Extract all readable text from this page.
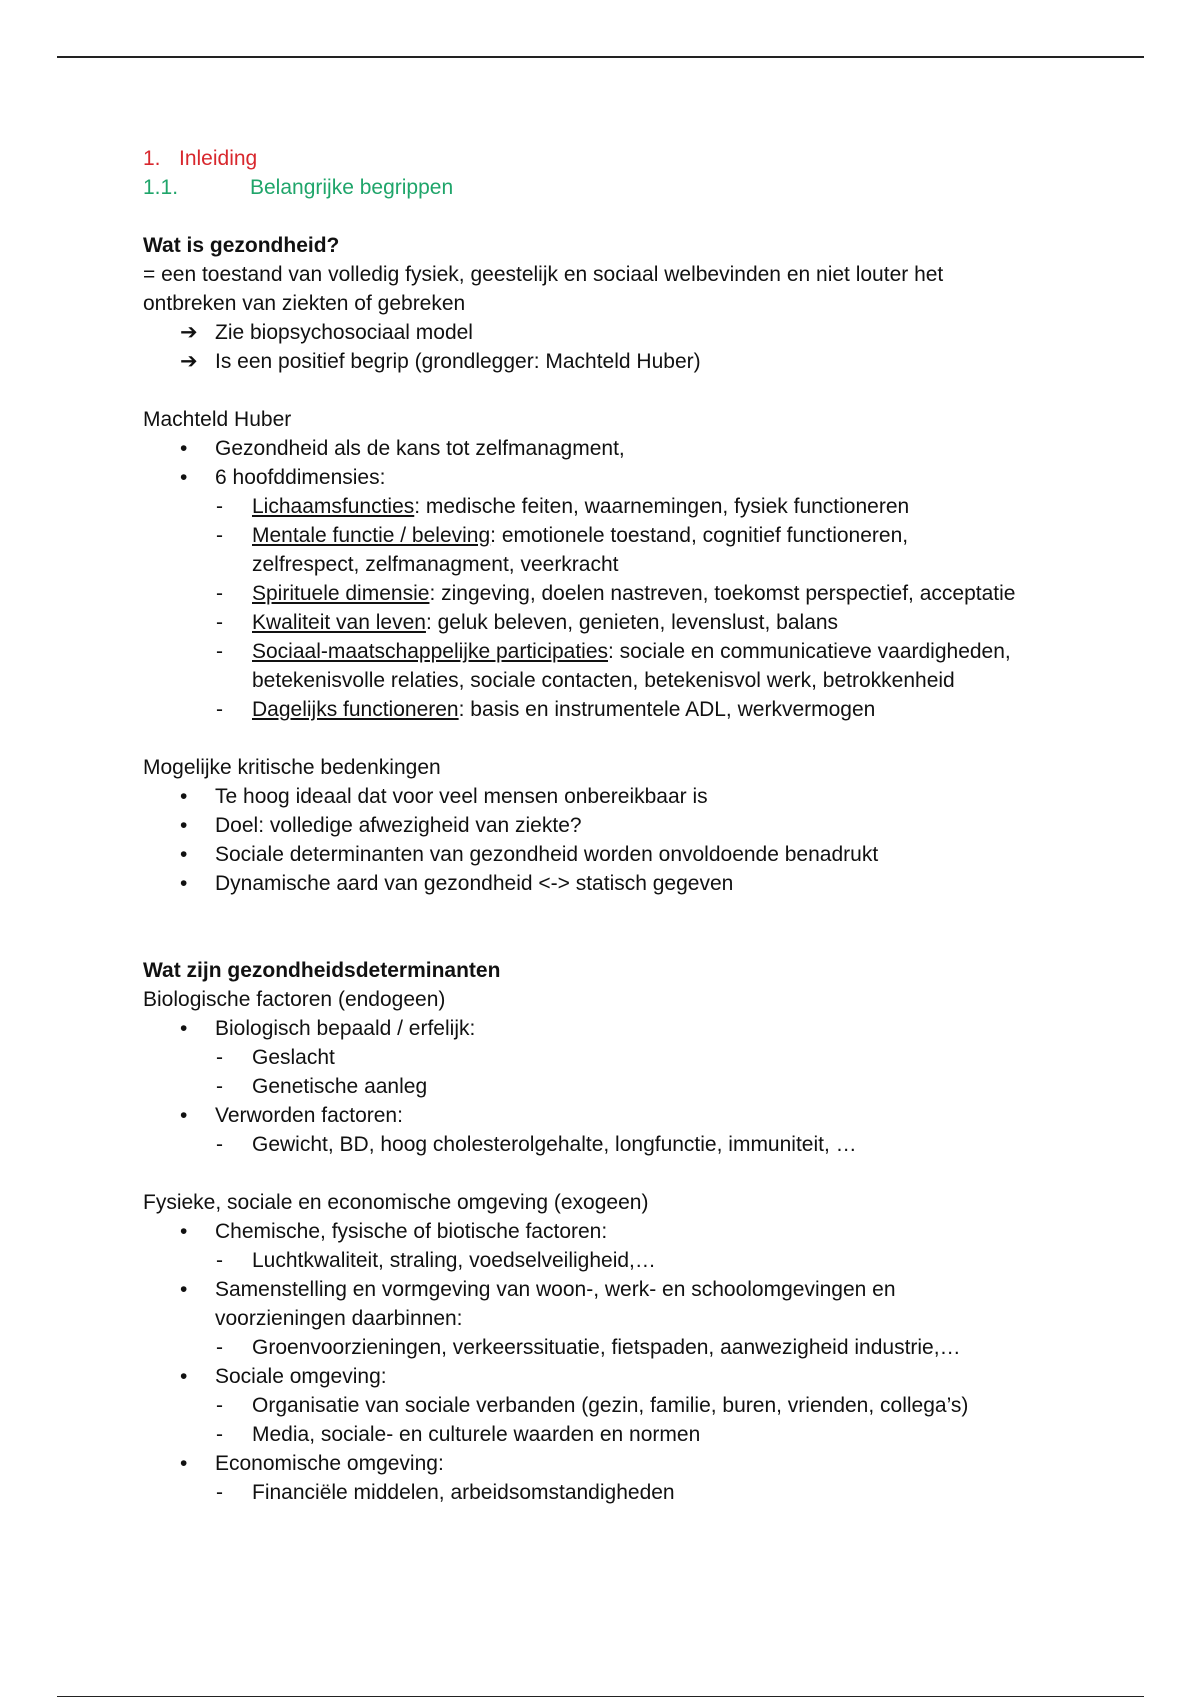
1. Inleiding
1.1.	Belangrijke begrippen
Wat is gezondheid?
= een toestand van volledig fysiek, geestelijk en sociaal welbevinden en niet louter het
ontbreken van ziekten of gebreken
➔ Zie biopsychosociaal model
➔ Is een positief begrip (grondlegger: Machteld Huber)
Machteld Huber
• Gezondheid als de kans tot zelfmanagment,
• 6 hoofddimensies:
- Lichaamsfuncties: medische feiten, waarnemingen, fysiek functioneren
- Mentale functie / beleving: emotionele toestand, cognitief functioneren,
zelfrespect, zelfmanagment, veerkracht
- Spirituele dimensie: zingeving, doelen nastreven, toekomst perspectief, acceptatie
- Kwaliteit van leven: geluk beleven, genieten, levenslust, balans
- Sociaal-maatschappelijke participaties: sociale en communicatieve vaardigheden,
betekenisvolle relaties, sociale contacten, betekenisvol werk, betrokkenheid
- Dagelijks functioneren: basis en instrumentele ADL, werkvermogen
Mogelijke kritische bedenkingen
• Te hoog ideaal dat voor veel mensen onbereikbaar is
• Doel: volledige afwezigheid van ziekte?
• Sociale determinanten van gezondheid worden onvoldoende benadrukt
• Dynamische aard van gezondheid <-> statisch gegeven
Wat zijn gezondheidsdeterminanten
Biologische factoren (endogeen)
• Biologisch bepaald / erfelijk:
- Geslacht
- Genetische aanleg
• Verworden factoren:
- Gewicht, BD, hoog cholesterolgehalte, longfunctie, immuniteit, …
Fysieke, sociale en economische omgeving (exogeen)
• Chemische, fysische of biotische factoren:
- Luchtkwaliteit, straling, voedselveiligheid,…
• Samenstelling en vormgeving van woon-, werk- en schoolomgevingen en
voorzieningen daarbinnen:
- Groenvoorzieningen, verkeerssituatie, fietspaden, aanwezigheid industrie,…
• Sociale omgeving:
- Organisatie van sociale verbanden (gezin, familie, buren, vrienden, collega’s)
- Media, sociale- en culturele waarden en normen
• Economische omgeving:
- Financiële middelen, arbeidsomstandigheden
